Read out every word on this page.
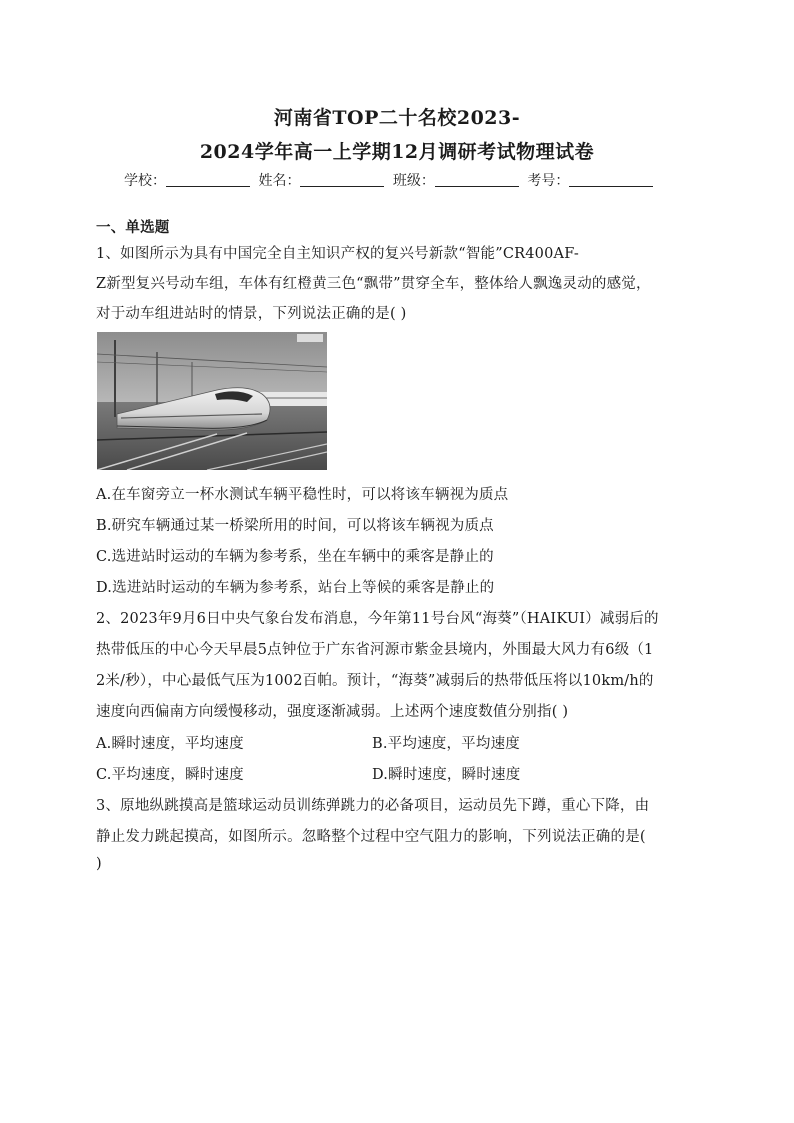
河南省TOP二十名校2023-
2024学年高一上学期12月调研考试物理试卷
学校：	姓名：	班级：	考号：
一、单选题
1、如图所示为具有中国完全自主知识产权的复兴号新款“智能”CR400AF-
Z新型复兴号动车组，车体有红橙黄三色“飘带”贯穿全车，整体给人飘逸灵动的感觉，
对于动车组进站时的情景，下列说法正确的是( )
A.在车窗旁立一杯水测试车辆平稳性时，可以将该车辆视为质点
B.研究车辆通过某一桥梁所用的时间，可以将该车辆视为质点
C.选进站时运动的车辆为参考系，坐在车辆中的乘客是静止的
D.选进站时运动的车辆为参考系，站台上等候的乘客是静止的
2、2023年9月6日中央气象台发布消息，今年第11号台风“海葵”（HAIKUI）减弱后的
热带低压的中心今天早晨5点钟位于广东省河源市紫金县境内，外围最大风力有6级（1
2米/秒），中心最低气压为1002百帕。预计，“海葵”减弱后的热带低压将以10km/h的
速度向西偏南方向缓慢移动，强度逐渐减弱。上述两个速度数值分别指( )
A.瞬时速度，平均速度	B.平均速度，平均速度
C.平均速度，瞬时速度	D.瞬时速度，瞬时速度
3、原地纵跳摸高是篮球运动员训练弹跳力的必备项目，运动员先下蹲，重心下降，由
静止发力跳起摸高，如图所示。忽略整个过程中空气阻力的影响，下列说法正确的是(
)
